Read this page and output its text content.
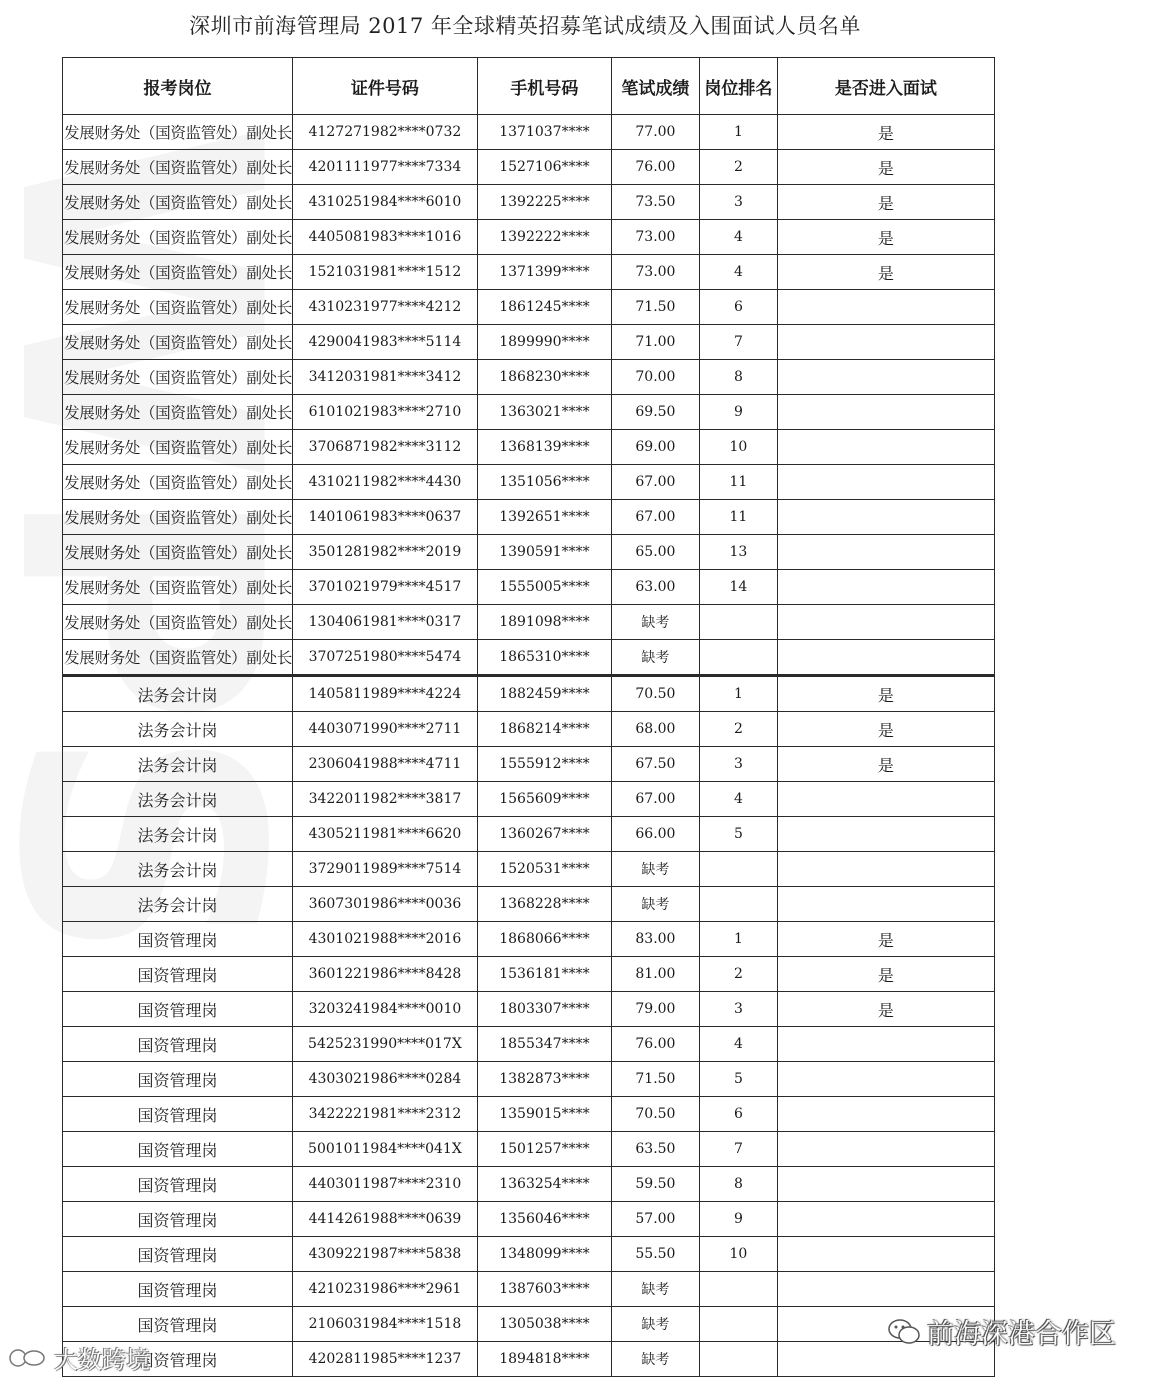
深圳市前海管理局 2017 年全球精英招募笔试成绩及入围面试人员名单
报考岗位	证件号码	手机号码	笔试成绩	岗位排名	是否进入面试
发展财务处（国资监管处）副处长	4127271982****0732	1371037****	77.00	1	是
发展财务处（国资监管处）副处长	4201111977****7334	1527106****	76.00	2	是
发展财务处（国资监管处）副处长	4310251984****6010	1392225****	73.50	3	是
发展财务处（国资监管处）副处长	4405081983****1016	1392222****	73.00	4	是
发展财务处（国资监管处）副处长	1521031981****1512	1371399****	73.00	4	是
发展财务处（国资监管处）副处长	4310231977****4212	1861245****	71.50	6	
发展财务处（国资监管处）副处长	4290041983****5114	1899990****	71.00	7	
发展财务处（国资监管处）副处长	3412031981****3412	1868230****	70.00	8	
发展财务处（国资监管处）副处长	6101021983****2710	1363021****	69.50	9	
发展财务处（国资监管处）副处长	3706871982****3112	1368139****	69.00	10	
发展财务处（国资监管处）副处长	4310211982****4430	1351056****	67.00	11	
发展财务处（国资监管处）副处长	1401061983****0637	1392651****	67.00	11	
发展财务处（国资监管处）副处长	3501281982****2019	1390591****	65.00	13	
发展财务处（国资监管处）副处长	3701021979****4517	1555005****	63.00	14	
发展财务处（国资监管处）副处长	1304061981****0317	1891098****	缺考		
发展财务处（国资监管处）副处长	3707251980****5474	1865310****	缺考		
法务会计岗	1405811989****4224	1882459****	70.50	1	是
法务会计岗	4403071990****2711	1868214****	68.00	2	是
法务会计岗	2306041988****4711	1555912****	67.50	3	是
法务会计岗	3422011982****3817	1565609****	67.00	4	
法务会计岗	4305211981****6620	1360267****	66.00	5	
法务会计岗	3729011989****7514	1520531****	缺考		
法务会计岗	3607301986****0036	1368228****	缺考		
国资管理岗	4301021988****2016	1868066****	83.00	1	是
国资管理岗	3601221986****8428	1536181****	81.00	2	是
国资管理岗	3203241984****0010	1803307****	79.00	3	是
国资管理岗	5425231990****017X	1855347****	76.00	4	
国资管理岗	4303021986****0284	1382873****	71.50	5	
国资管理岗	3422221981****2312	1359015****	70.50	6	
国资管理岗	5001011984****041X	1501257****	63.50	7	
国资管理岗	4403011987****2310	1363254****	59.50	8	
国资管理岗	4414261988****0639	1356046****	57.00	9	
国资管理岗	4309221987****5838	1348099****	55.50	10	
国资管理岗	4210231986****2961	1387603****	缺考		
国资管理岗	2106031984****1518	1305038****	缺考		
国资管理岗	4202811985****1237	1894818****	缺考		
前海深港合作区
大数跨境
